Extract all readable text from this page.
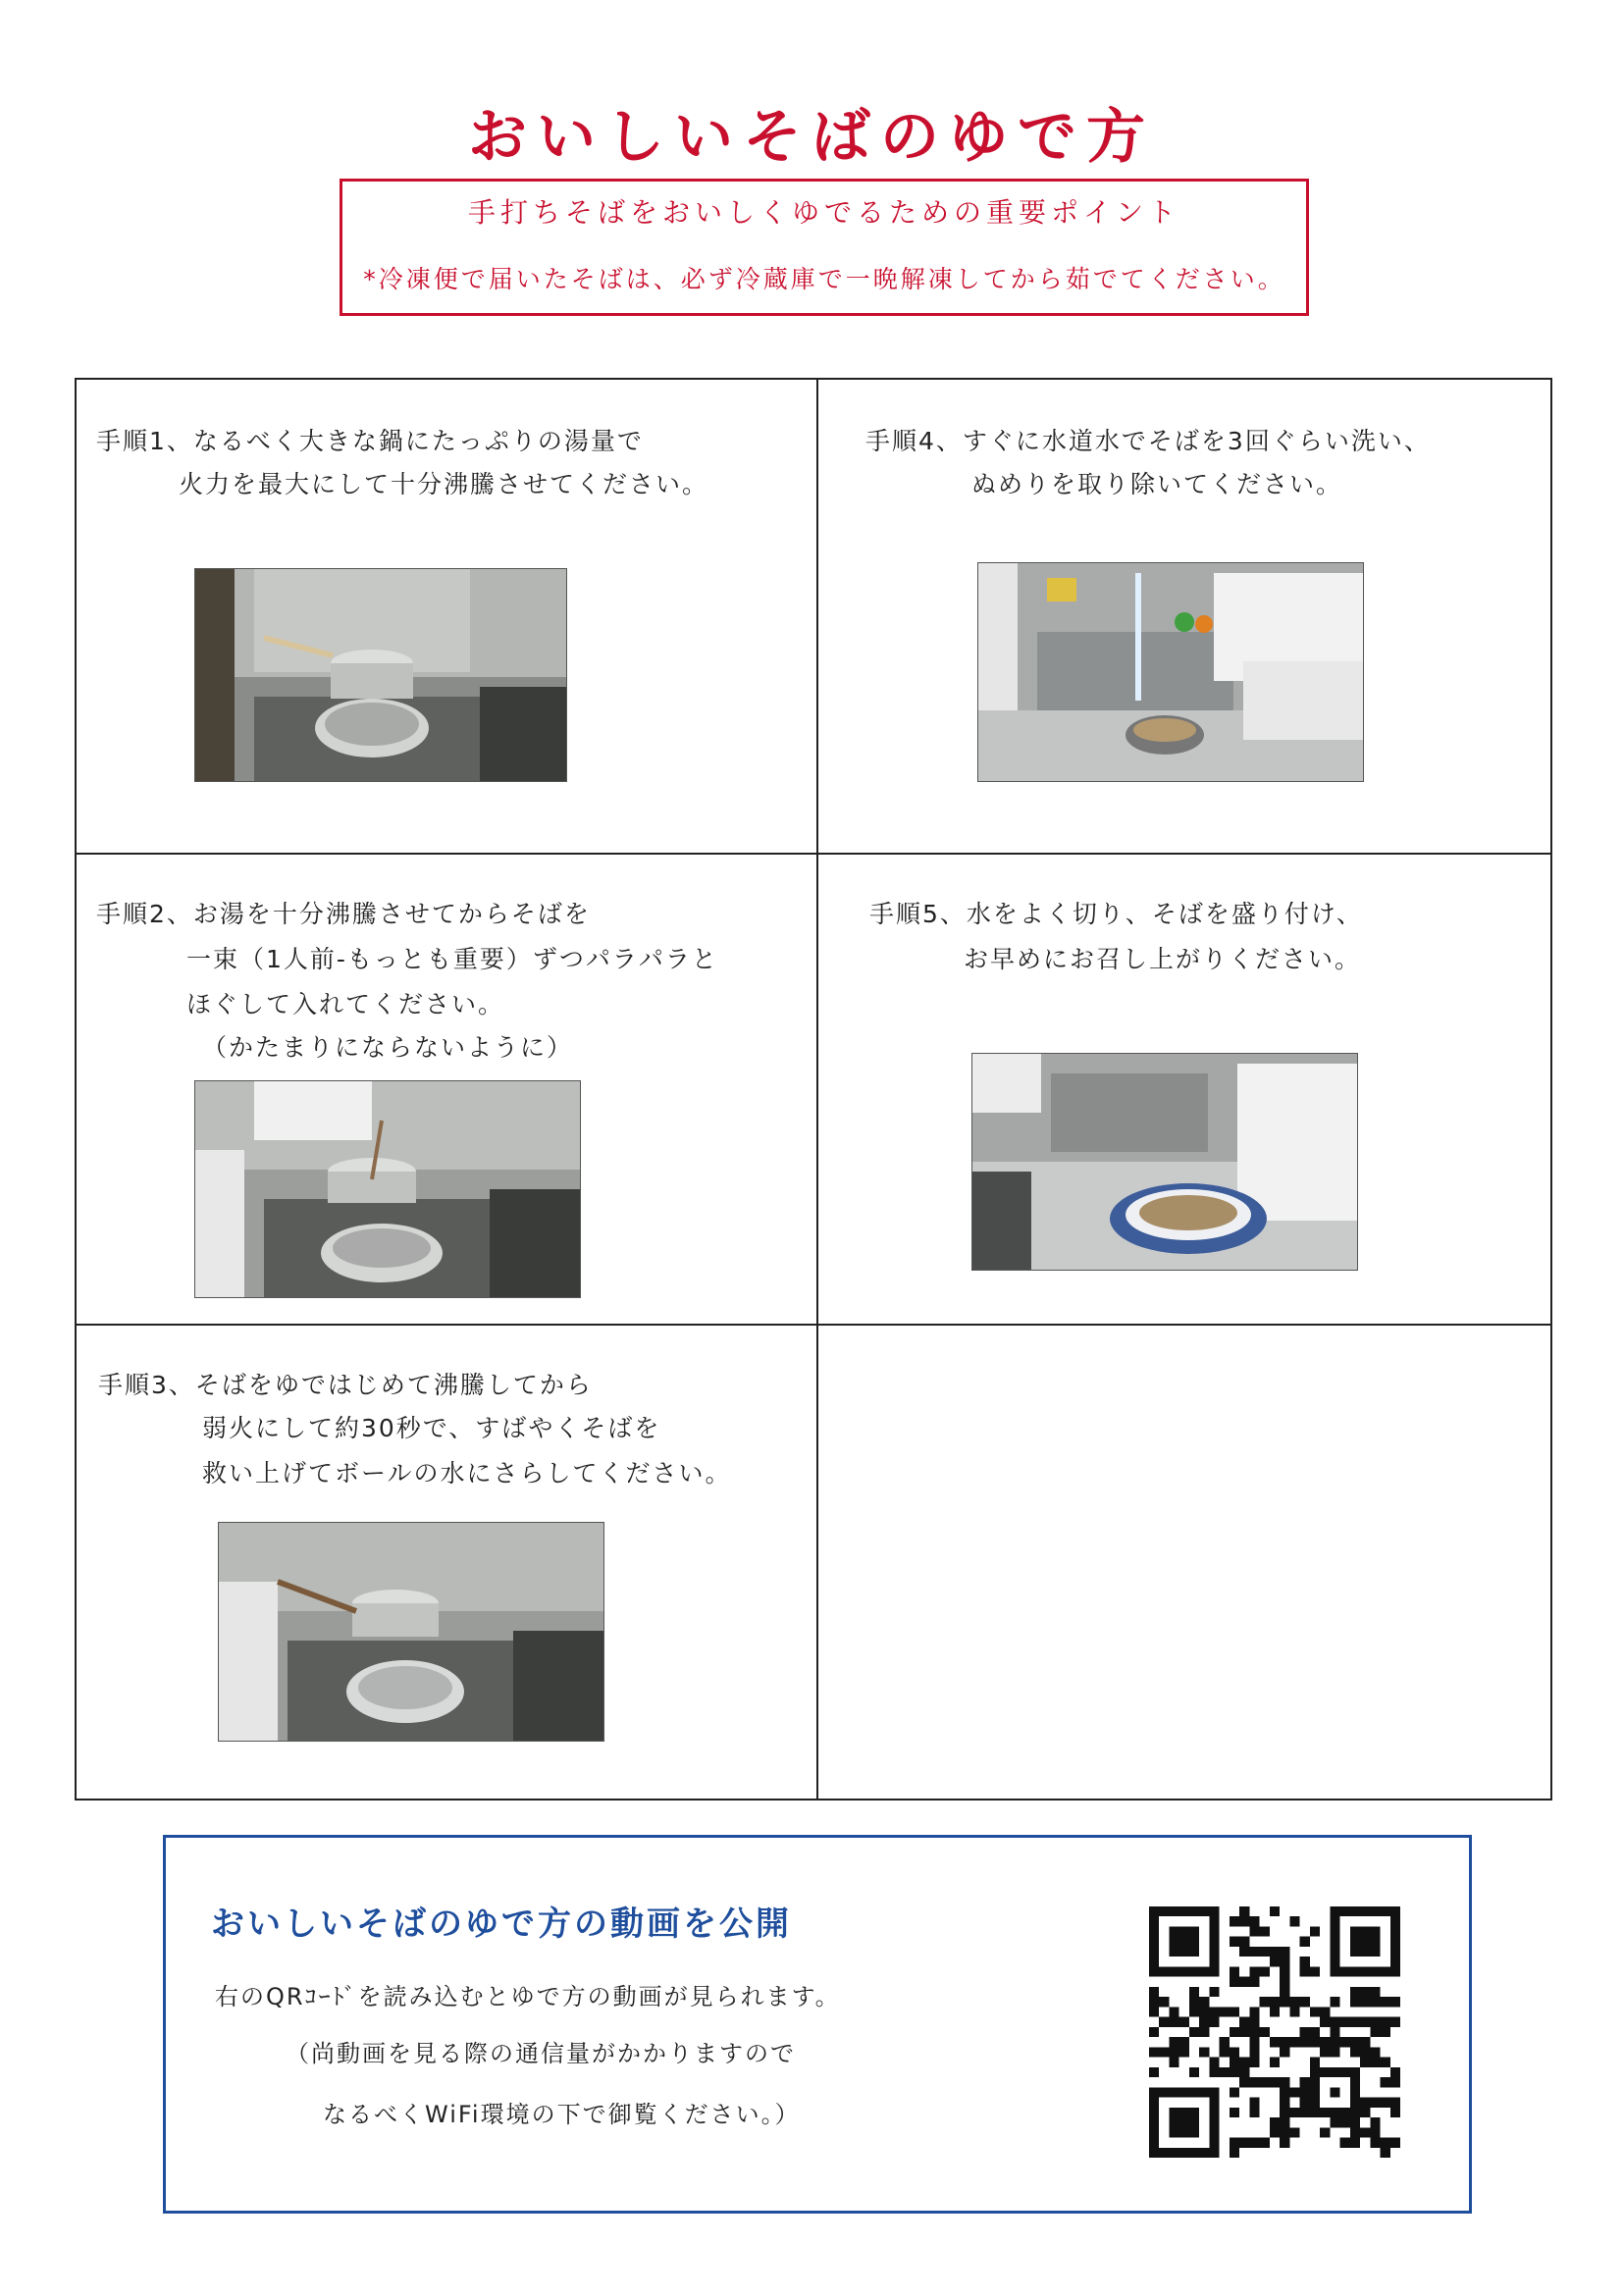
おいしいそばのゆで方
手打ちそばをおいしくゆでるための重要ポイント
*冷凍便で届いたそばは、必ず冷蔵庫で一晩解凍してから茹でてください。
手順1、なるべく大きな鍋にたっぷりの湯量で
火力を最大にして十分沸騰させてください。
手順4、すぐに水道水でそばを3回ぐらい洗い、
ぬめりを取り除いてください。
手順2、お湯を十分沸騰させてからそばを
一束（1人前-もっとも重要）ずつパラパラと
ほぐして入れてください。
（かたまりにならないように）
手順5、水をよく切り、そばを盛り付け、
お早めにお召し上がりください。
手順3、そばをゆではじめて沸騰してから
弱火にして約30秒で、すばやくそばを
救い上げてボールの水にさらしてください。
おいしいそばのゆで方の動画を公開
右のQRｺｰﾄﾞを読み込むとゆで方の動画が見られます。
（尚動画を見る際の通信量がかかりますので
なるべくWiFi環境の下で御覧ください。）
